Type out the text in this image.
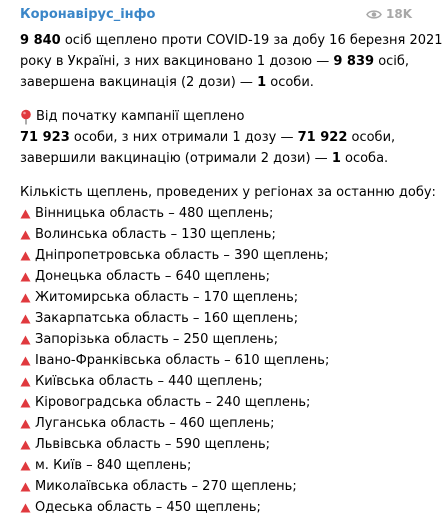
Коронавірус_інфо	18K
9 840 осіб щеплено проти COVID-19 за добу 16 березня 2021
року в Україні, з них вакциновано 1 дозою — 9 839 осіб,
завершена вакцинація (2 дози) — 1 особи.
Від початку кампанії щеплено
71 923 особи, з них отримали 1 дозу — 71 922 особи,
завершили вакцинацію (отримали 2 дози) — 1 особа.
Кількість щеплень, проведених у регіонах за останню добу:
Вінницька область – 480 щеплень;
Волинська область – 130 щеплень;
Дніпропетровська область – 390 щеплень;
Донецька область – 640 щеплень;
Житомирська область – 170 щеплень;
Закарпатська область – 160 щеплень;
Запорізька область – 250 щеплень;
Івано-Франківська область – 610 щеплень;
Київська область – 440 щеплень;
Кіровоградська область – 240 щеплень;
Луганська область – 460 щеплень;
Львівська область – 590 щеплень;
м. Київ – 840 щеплень;
Миколаївська область – 270 щеплень;
Одеська область – 450 щеплень;
